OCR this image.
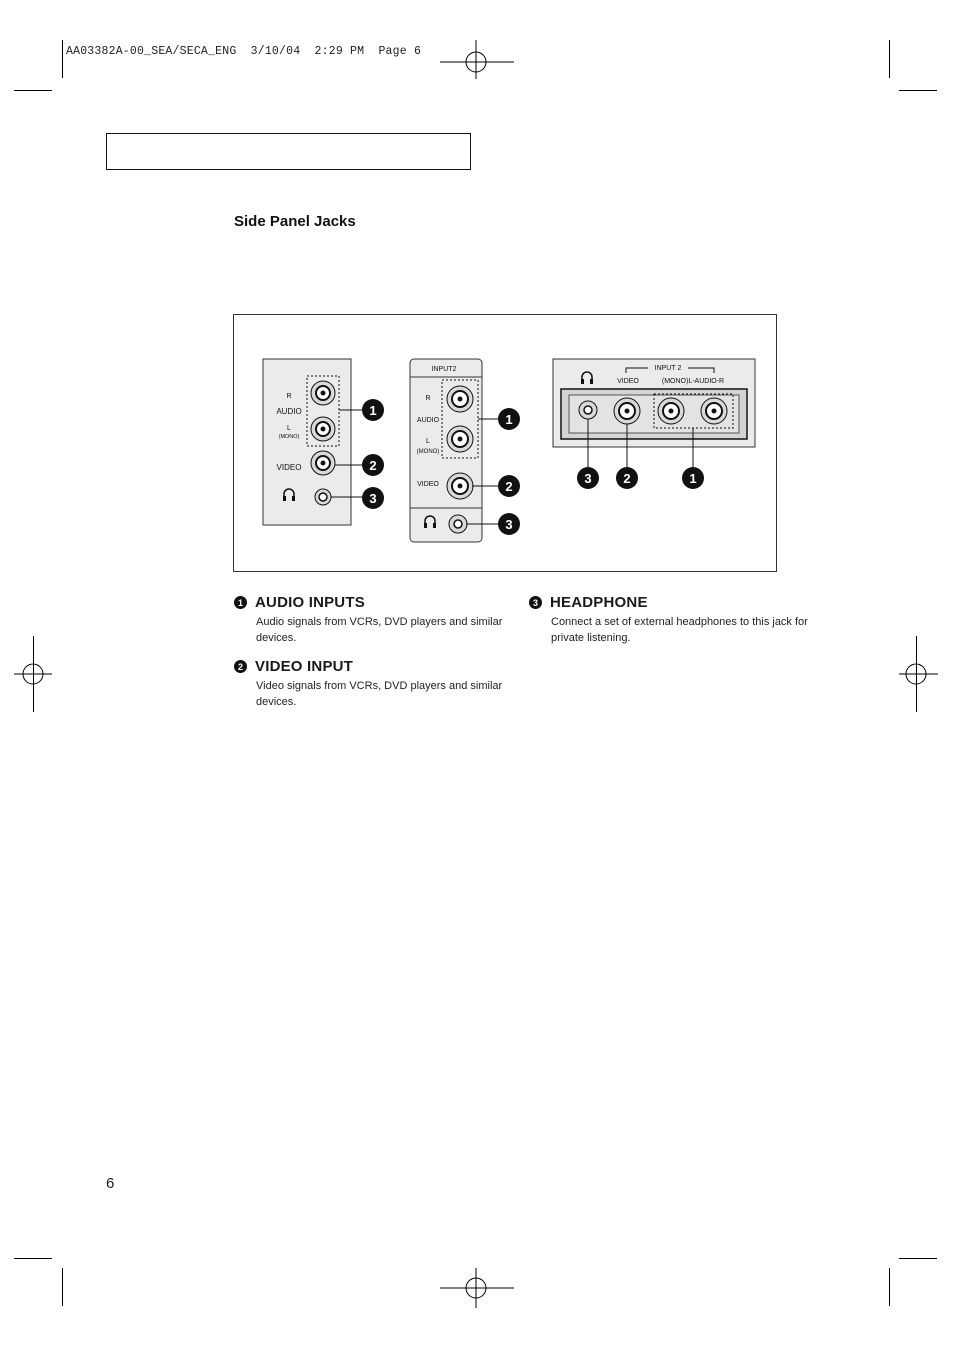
AA03382A-00_SEA/SECA_ENG  3/10/04  2:29 PM  Page 6
Side Panel Jacks
R
AUDIO
L
(MONO)
VIDEO
INPUT2
R
AUDIO
L
(MONO)
VIDEO
INPUT 2
VIDEO	(MONO)L-AUDIO-R
1
2
3
1
2
3
3 2	1
1 AUDIO INPUTS
Audio signals from VCRs, DVD players and similar devices.
2 VIDEO INPUT
Video signals from VCRs, DVD players and similar devices.
3 HEADPHONE
Connect a set of external headphones to this jack for private listening.
6
